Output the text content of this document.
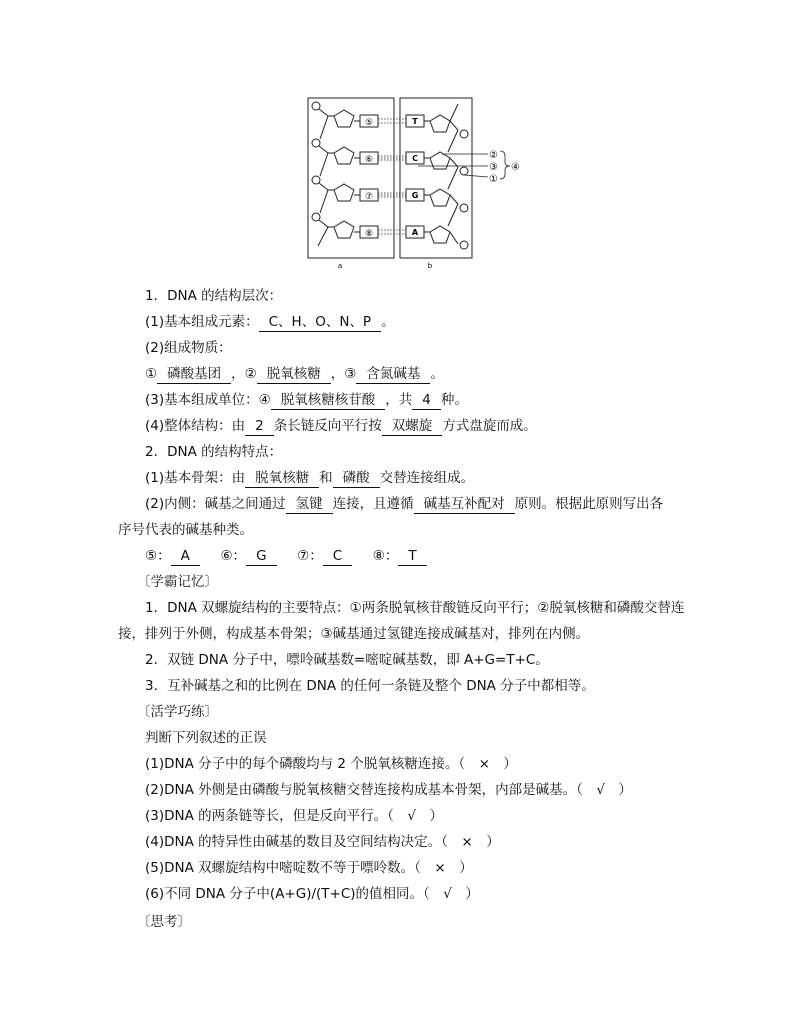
⑤
⑥
⑦
⑧
T
C
G
A
②
③
①
④
a	b
1．DNA 的结构层次：
(1)基本组成元素： C、H、O、N、P 。
(2)组成物质：
① 磷酸基团 ，② 脱氧核糖 ，③ 含氮碱基 。
(3)基本组成单位：④ 脱氧核糖核苷酸 ，共 4 种。
(4)整体结构：由 2 条长链反向平行按 双螺旋 方式盘旋而成。
2．DNA 的结构特点：
(1)基本骨架：由 脱氧核糖 和 磷酸 交替连接组成。
(2)内侧：碱基之间通过 氢键 连接，且遵循 碱基互补配对 原则。根据此原则写出各
序号代表的碱基种类。
⑤： A ⑥： G ⑦： C ⑧： T
〔学霸记忆〕
1．DNA 双螺旋结构的主要特点：①两条脱氧核苷酸链反向平行；②脱氧核糖和磷酸交替连
接，排列于外侧，构成基本骨架；③碱基通过氢键连接成碱基对，排列在内侧。
2．双链 DNA 分子中，嘌呤碱基数=嘧啶碱基数，即 A+G=T+C。
3．互补碱基之和的比例在 DNA 的任何一条链及整个 DNA 分子中都相等。
〔活学巧练〕
判断下列叙述的正误
(1)DNA 分子中的每个磷酸均与 2 个脱氧核糖连接。（　×　）
(2)DNA 外侧是由磷酸与脱氧核糖交替连接构成基本骨架，内部是碱基。（　√　）
(3)DNA 的两条链等长，但是反向平行。（　√　）
(4)DNA 的特异性由碱基的数目及空间结构决定。（　×　）
(5)DNA 双螺旋结构中嘧啶数不等于嘌呤数。（　×　）
(6)不同 DNA 分子中(A+G)/(T+C)的值相同。（　√　）
〔思考〕
